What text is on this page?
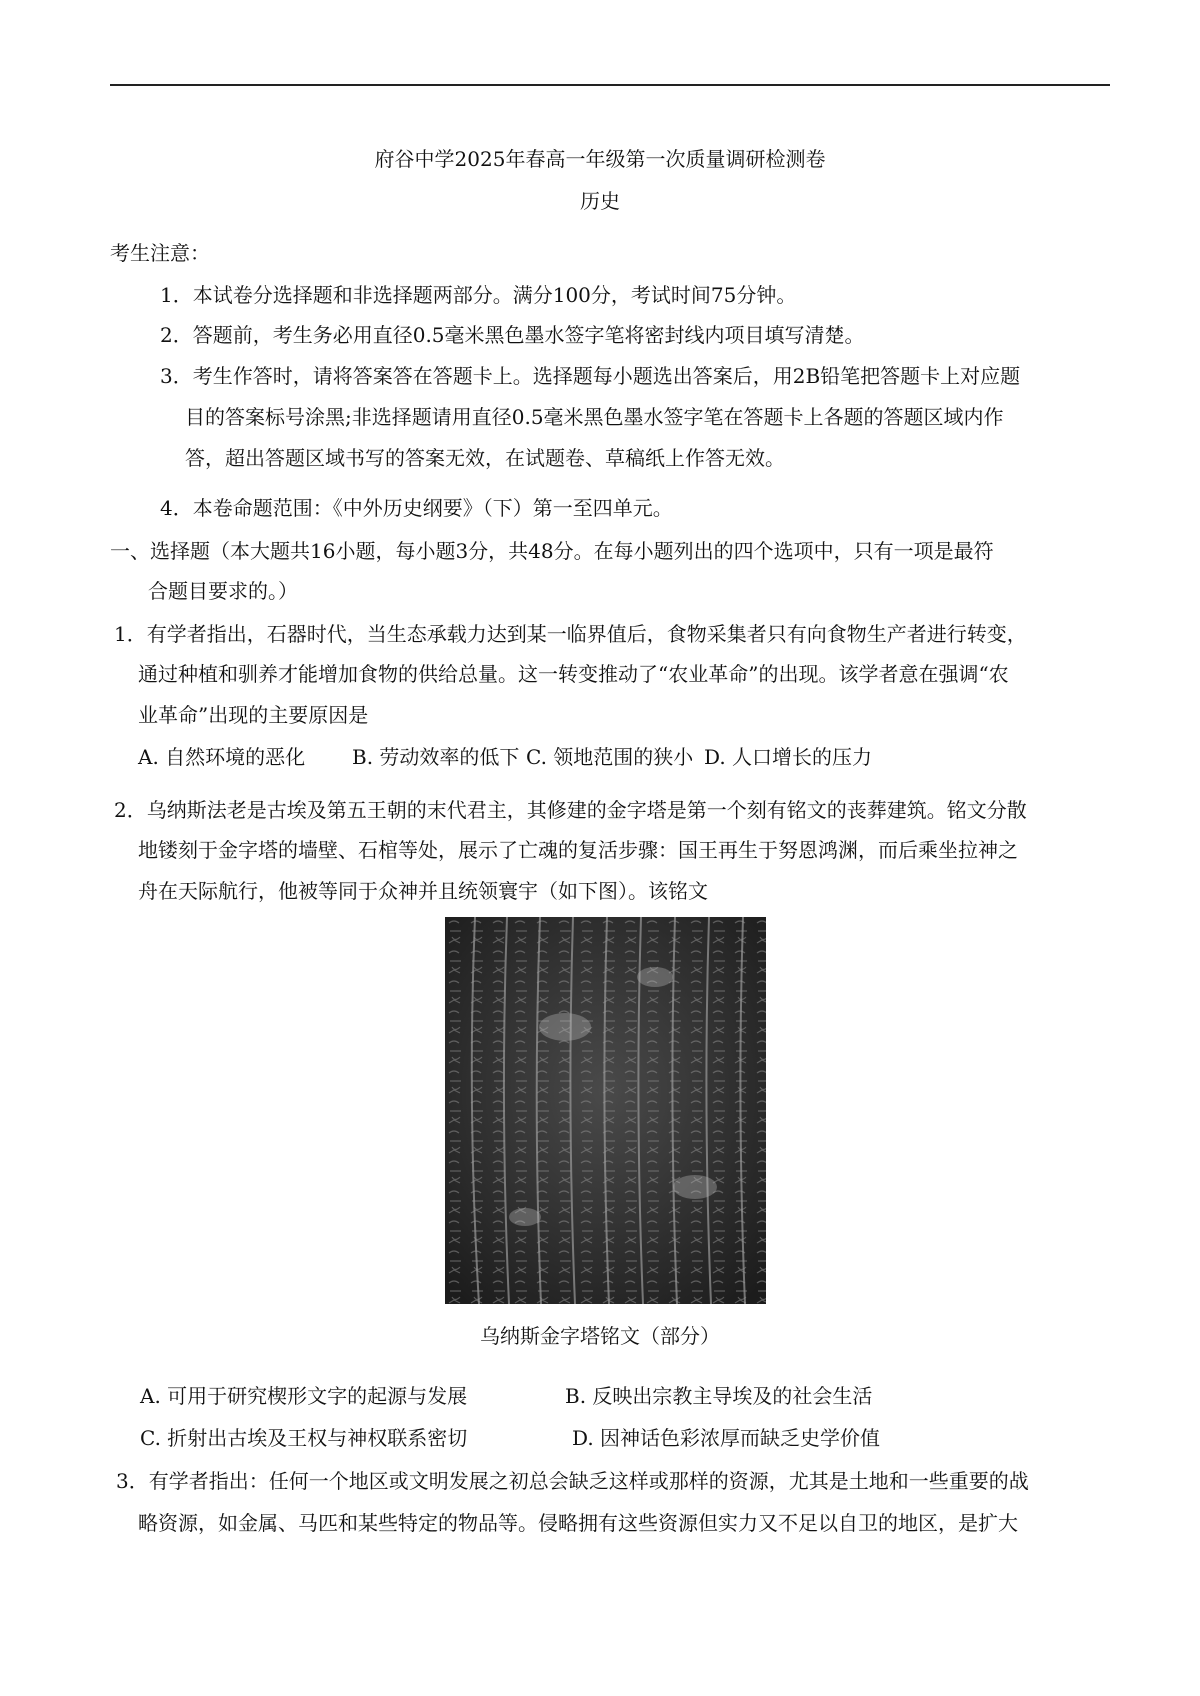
府谷中学2025年春高一年级第一次质量调研检测卷
历史
考生注意：
1．本试卷分选择题和非选择题两部分。满分100分，考试时间75分钟。
2．答题前，考生务必用直径0.5毫米黑色墨水签字笔将密封线内项目填写清楚。
3．考生作答时，请将答案答在答题卡上。选择题每小题选出答案后，用2B铅笔把答题卡上对应题
目的答案标号涂黑;非选择题请用直径0.5毫米黑色墨水签字笔在答题卡上各题的答题区域内作
答，超出答题区域书写的答案无效，在试题卷、草稿纸上作答无效。
4．本卷命题范围：《中外历史纲要》（下）第一至四单元。
一、选择题（本大题共16小题，每小题3分，共48分。在每小题列出的四个选项中，只有一项是最符
合题目要求的。）
1．有学者指出，石器时代，当生态承载力达到某一临界值后，食物采集者只有向食物生产者进行转变，
通过种植和驯养才能增加食物的供给总量。这一转变推动了“农业革命”的出现。该学者意在强调“农
业革命”出现的主要原因是
A. 自然环境的恶化 B. 劳动效率的低下 C. 领地范围的狭小 D. 人口增长的压力
2．乌纳斯法老是古埃及第五王朝的末代君主，其修建的金字塔是第一个刻有铭文的丧葬建筑。铭文分散
地镂刻于金字塔的墙壁、石棺等处，展示了亡魂的复活步骤：国王再生于努恩鸿渊，而后乘坐拉神之
舟在天际航行，他被等同于众神并且统领寰宇（如下图）。该铭文
乌纳斯金字塔铭文（部分）
A. 可用于研究楔形文字的起源与发展	B. 反映出宗教主导埃及的社会生活
C. 折射出古埃及王权与神权联系密切	D. 因神话色彩浓厚而缺乏史学价值
3．有学者指出：任何一个地区或文明发展之初总会缺乏这样或那样的资源，尤其是土地和一些重要的战
略资源，如金属、马匹和某些特定的物品等。侵略拥有这些资源但实力又不足以自卫的地区，是扩大
